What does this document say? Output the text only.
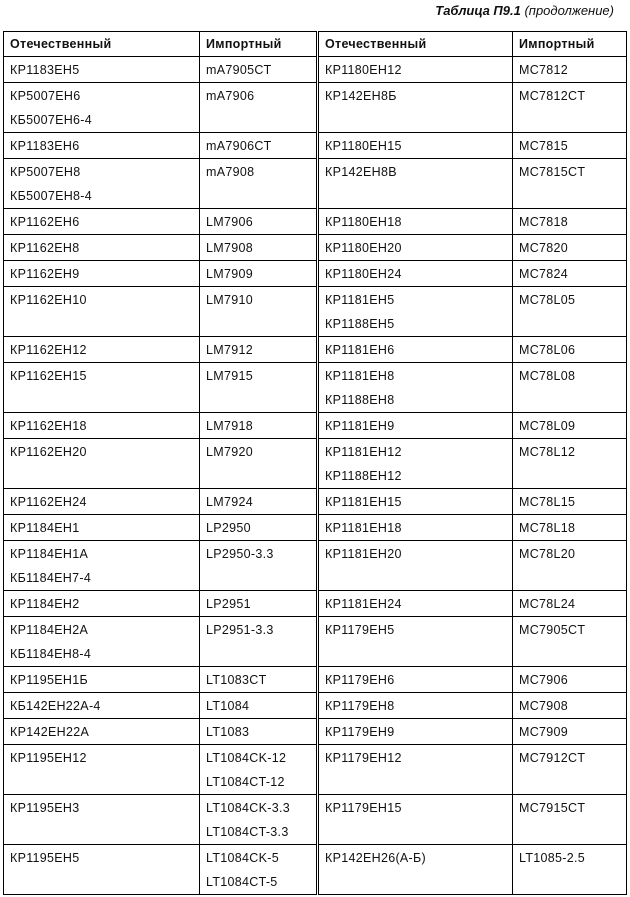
Таблица П9.1 (продолжение)
Отечественный	Импортный	Отечественный	Импортный

КР1183ЕН5	mA7905CT	КР1180ЕН12	MC7812

КР5007ЕН6
КБ5007ЕН6-4

mA7906	КР142ЕН8Б	MC7812CT

КР1183ЕН6	mA7906CT	КР1180ЕН15	MC7815

КР5007ЕН8
КБ5007ЕН8-4

mA7908	КР142ЕН8В	MC7815CT

КР1162ЕН6	LM7906	КР1180ЕН18	MC7818

КР1162ЕН8	LM7908	КР1180ЕН20	MC7820

КР1162ЕН9	LM7909	КР1180ЕН24	MC7824

КР1162ЕН10	LM7910	КР1181ЕН5
КР1188ЕН5

MC78L05

КР1162ЕН12	LM7912	КР1181ЕН6	MC78L06

КР1162ЕН15	LM7915	КР1181ЕН8
КР1188ЕН8

MC78L08

КР1162ЕН18	LM7918	КР1181ЕН9	MC78L09

КР1162ЕН20	LM7920	КР1181ЕН12
КР1188ЕН12

MC78L12

КР1162ЕН24	LM7924	КР1181ЕН15	MC78L15

КР1184ЕН1	LP2950	КР1181ЕН18	MC78L18

КР1184ЕН1А
КБ1184ЕН7-4

LP2950-3.3	КР1181ЕН20	MC78L20

КР1184ЕН2	LP2951	КР1181ЕН24	MC78L24

КР1184ЕН2А
КБ1184ЕН8-4

LP2951-3.3	КР1179ЕН5	MC7905CT

КР1195ЕН1Б	LT1083CT	КР1179ЕН6	MC7906

КБ142ЕН22А-4	LT1084	КР1179ЕН8	MC7908

КР142ЕН22А	LT1083	КР1179ЕН9	MC7909

КР1195ЕН12	LT1084CK-12
LT1084CT-12

КР1179ЕН12	MC7912CT

КР1195ЕН3	LT1084CK-3.3
LT1084CT-3.3

КР1179ЕН15	MC7915CT

КР1195ЕН5	LT1084CK-5
LT1084CT-5

КР142ЕН26(А-Б)	LT1085-2.5
